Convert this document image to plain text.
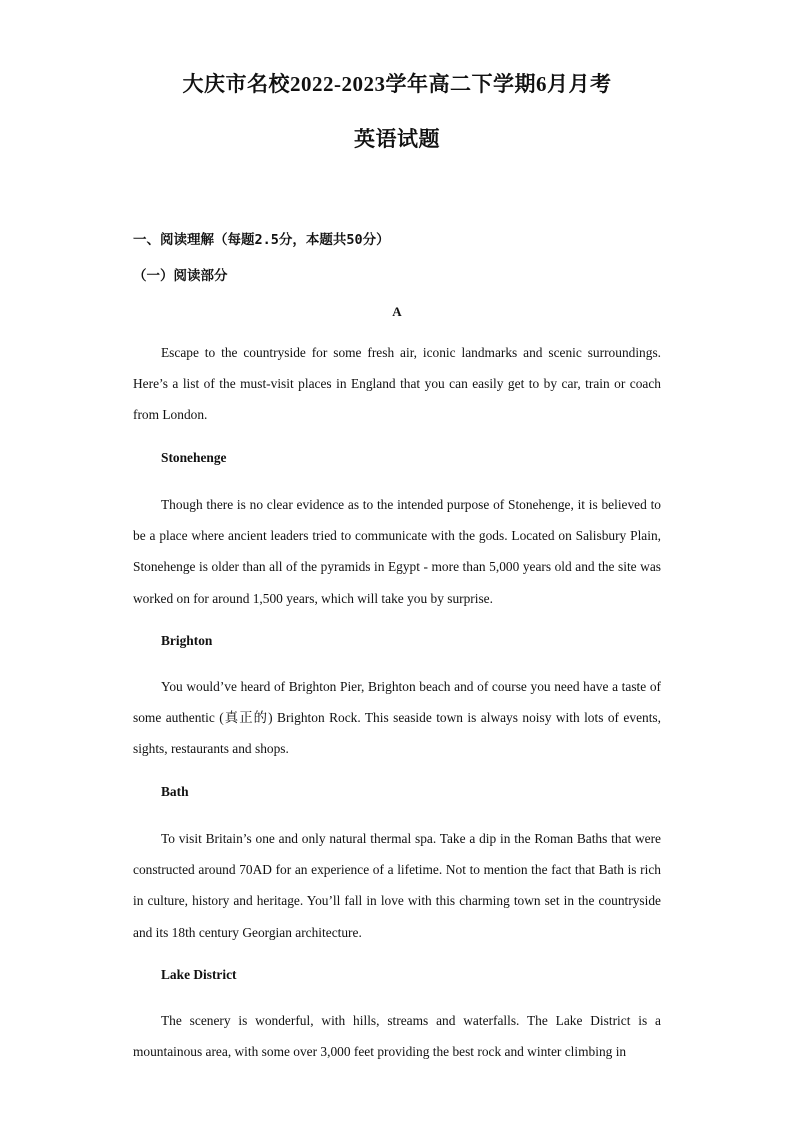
大庆市名校2022-2023学年高二下学期6月月考
英语试题
一、阅读理解（每题2.5分，本题共50分）
（一）阅读部分
A

Escape to the countryside for some fresh air, iconic landmarks and scenic surroundings. Here’s a list of the must-visit places in England that you can easily get to by car, train or coach from London.

Stonehenge

Though there is no clear evidence as to the intended purpose of Stonehenge, it is believed to be a place where ancient leaders tried to communicate with the gods. Located on Salisbury Plain, Stonehenge is older than all of the pyramids in Egypt - more than 5,000 years old and the site was worked on for around 1,500 years, which will take you by surprise.

Brighton

You would’ve heard of Brighton Pier, Brighton beach and of course you need have a taste of some authentic (真正的) Brighton Rock. This seaside town is always noisy with lots of events, sights, restaurants and shops.

Bath

To visit Britain’s one and only natural thermal spa. Take a dip in the Roman Baths that were constructed around 70AD for an experience of a lifetime. Not to mention the fact that Bath is rich in culture, history and heritage. You’ll fall in love with this charming town set in the countryside and its 18th century Georgian architecture.

Lake District

The scenery is wonderful, with hills, streams and waterfalls. The Lake District is a mountainous area, with some over 3,000 feet providing the best rock and winter climbing in
